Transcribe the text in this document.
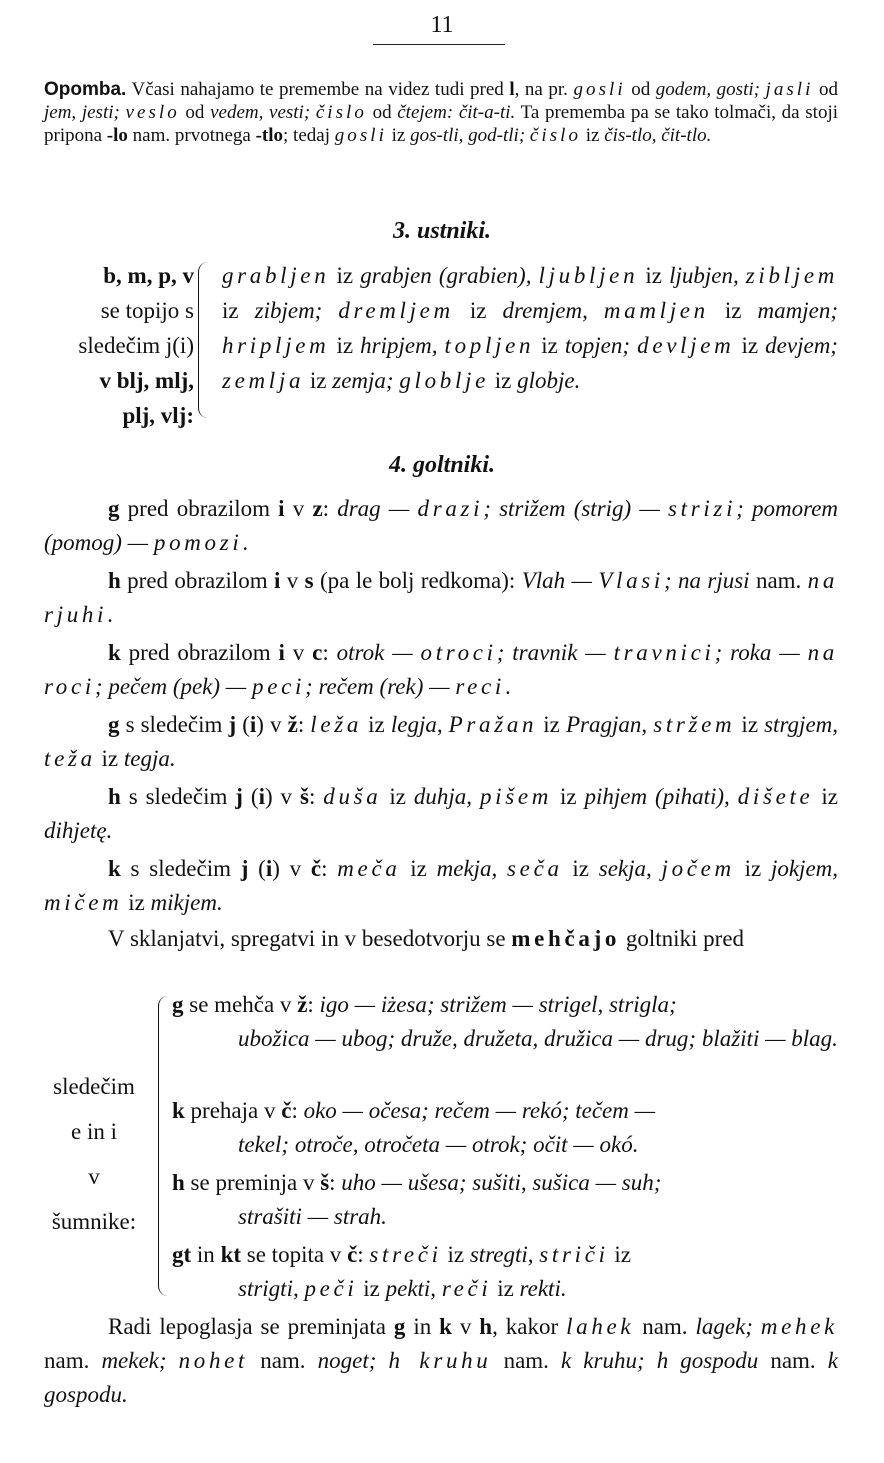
11
Opomba. Včasi nahajamo te premembe na videz tudi pred l, na pr. gosli od godem, gosti; jasli od jem, jesti; veslo od vedem, vesti; čislo od čtejem: čit-a-ti. Ta prememba pa se tako tolmači, da stoji pripona -lo nam. prvotnega -tlo; tedaj gosli iz gos-tli, god-tli; čislo iz čis-tlo, čit-tlo.
3. ustniki.
b, m, p, v
se topijo s
sledečim j(i)
v blj, mlj,
plj, vlj:
grabljen iz grabjen (grabien), ljubljen iz ljubjen, zibljem iz zibjem; dremljem iz dremjem, mamljen iz mamjen; hripljem iz hripjem, topljen iz topjen; devljem iz devjem; zemlja iz zemja; globlje iz globje.
4. goltniki.
g pred obrazilom i v z: drag — drazi; strižem (strig) — strizi; pomorem (pomog) — pomozi.
h pred obrazilom i v s (pa le bolj redkoma): Vlah — Vlasi; na rjusi nam. na rjuhi.
k pred obrazilom i v c: otrok — otroci; travnik — travnici; roka — na roci; pečem (pek) — peci; rečem (rek) — reci.
g s sledečim j (i) v ž: leža iz legja, Pražan iz Pragjan, stržem iz strgjem, teža iz tegja.
h s sledečim j (i) v š: duša iz duhja, pišem iz pihjem (pihati), dišete iz dihjetę.
k s sledečim j (i) v č: meča iz mekja, seča iz sekja, jočem iz jokjem, mičem iz mikjem.
V sklanjatvi, spregatvi in v besedotvorju se mehčajo goltniki pred
sledečim
e in i
v
šumnike:
g se mehča v ž: igo — iżesa; strižem — strigel, strigla;
ubožica — ubog; druže, družeta, družica — drug; blažiti — blag.
k prehaja v č: oko — očesa; rečem — rekó; tečem —
tekel; otroče, otročeta — otrok; očit — okó.
h se preminja v š: uho — ušesa; sušiti, sušica — suh;
strašiti — strah.
gt in kt se topita v č: streči iz stregti, striči iz
strigti, peči iz pekti, reči iz rekti.
Radi lepoglasja se preminjata g in k v h, kakor lahek nam. lagek; mehek nam. mekek; nohet nam. noget; h kruhu nam. k kruhu; h gospodu nam. k gospodu.
